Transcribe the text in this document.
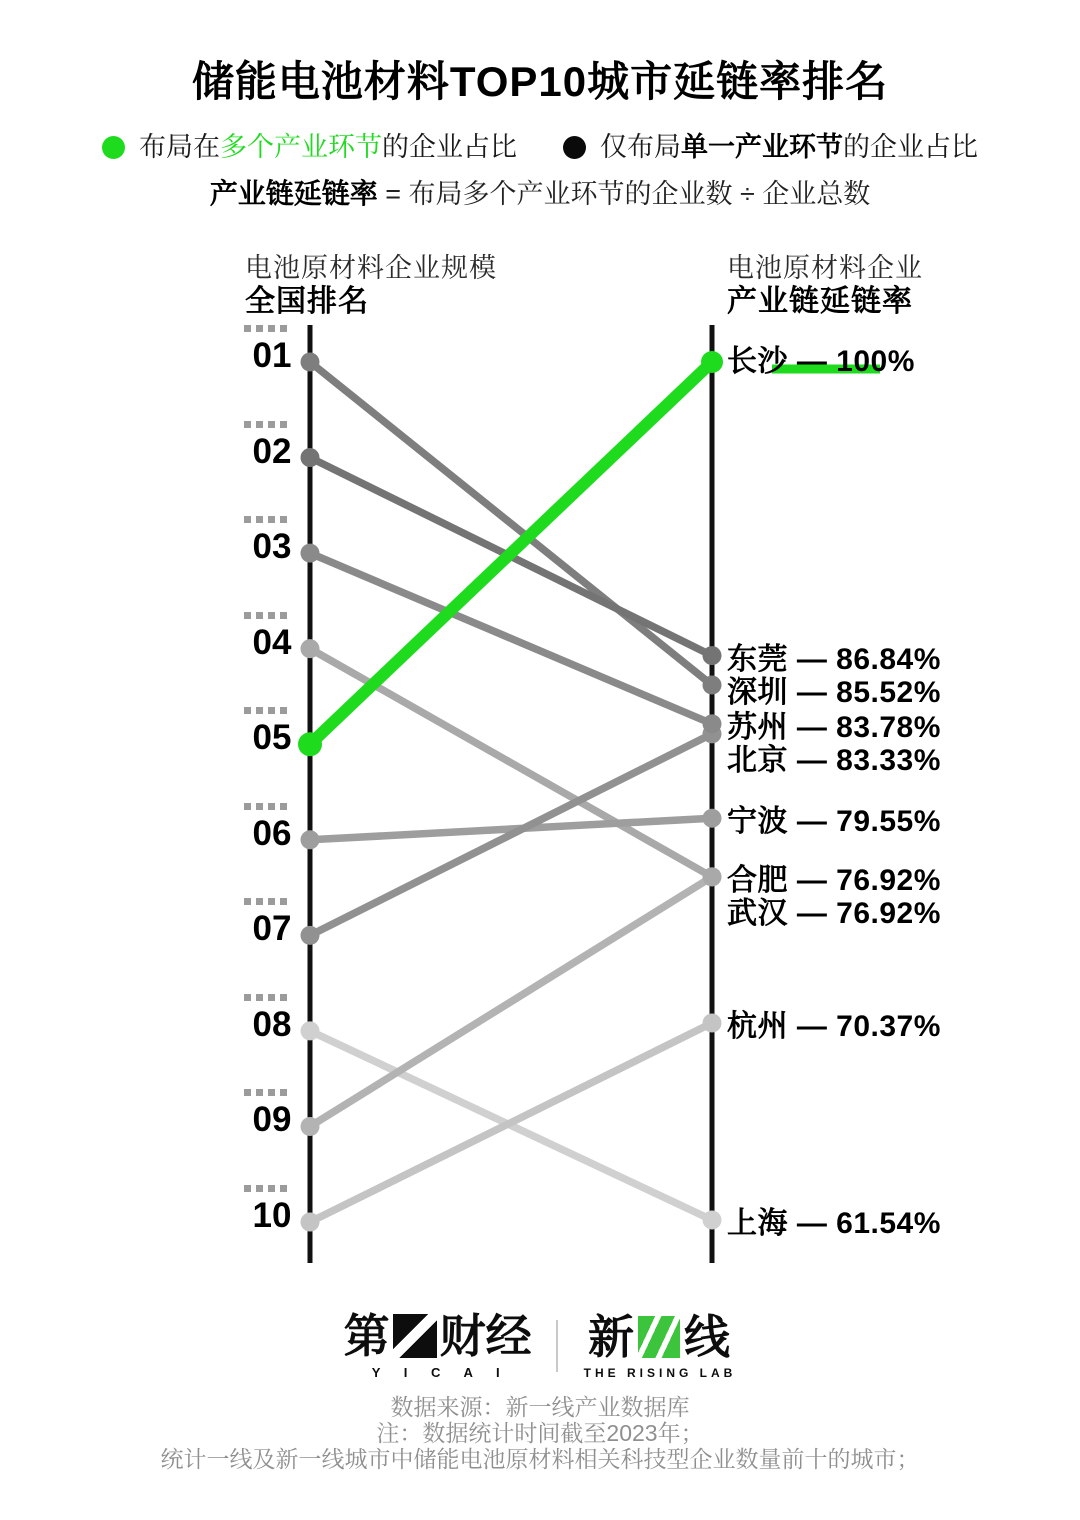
储能电池材料TOP10城市延链率排名
布局在多个产业环节的企业占比	仅布局单一产业环节的企业占比
产业链延链率 = 布局多个产业环节的企业数 ÷ 企业总数
电池原材料企业规模
全国排名
电池原材料企业
产业链延链率
01
02
03
04
05
06
07
08
09
10
长沙 — 100%
东莞 — 86.84%
深圳 — 85.52%
苏州 — 83.78%
北京 — 83.33%
宁波 — 79.55%
合肥 — 76.92%
武汉 — 76.92%
杭州 — 70.37%
上海 — 61.54%
第 财经
Y I C A I
新 线
THE RISING LAB
数据来源：新一线产业数据库
注：数据统计时间截至2023年；
统计一线及新一线城市中储能电池原材料相关科技型企业数量前十的城市；
